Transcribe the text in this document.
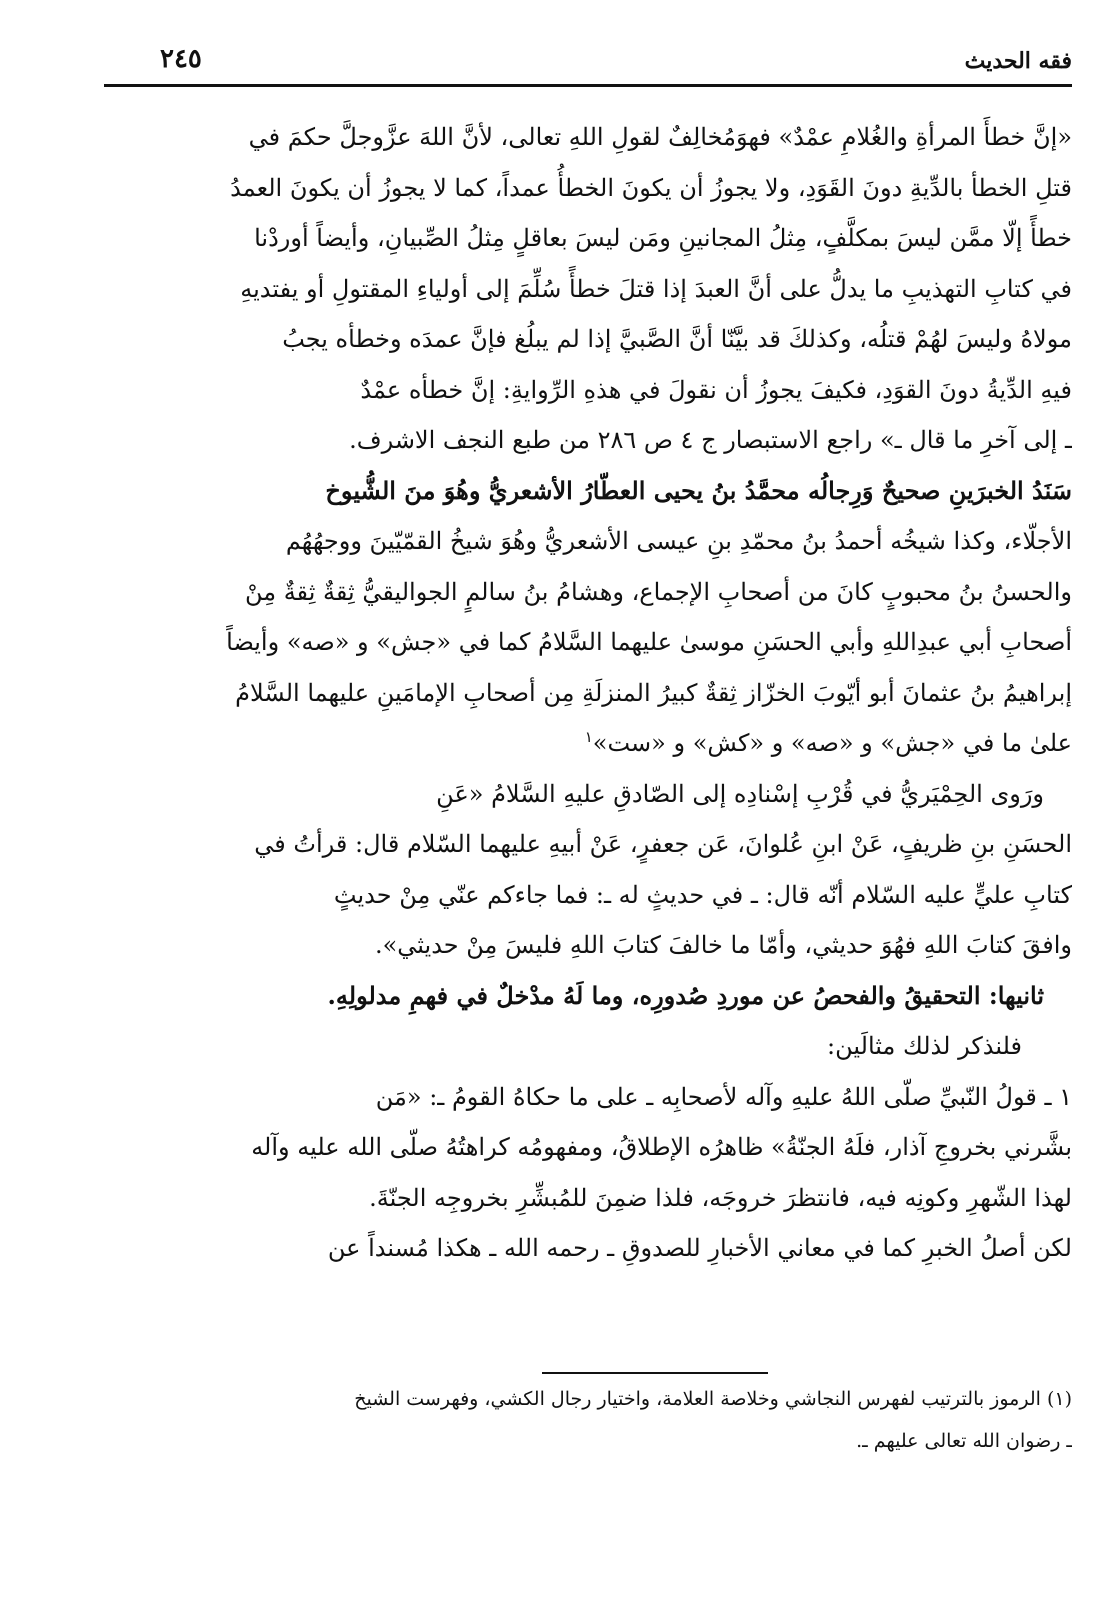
فقه الحديث
٢٤٥
«إنَّ خطأَ المرأةِ والغُلامِ عمْدٌ» فهوَمُخالِفٌ لقولِ اللهِ تعالى، لأنَّ اللهَ عزَّوجلَّ حكمَ في
قتلِ الخطأ بالدِّيةِ دونَ القَوَدِ، ولا يجوزُ أن يكونَ الخطأُ عمداً، كما لا يجوزُ أن يكونَ العمدُ
خطأً إلّا ممَّن ليسَ بمكلَّفٍ، مِثلُ المجانينِ ومَن ليسَ بعاقلٍ مِثلُ الصِّبيانِ، وأيضاً أوردْنا
في كتابِ التهذيبِ ما يدلُّ على أنَّ العبدَ إذا قتلَ خطأً سُلِّمَ إلى أولياءِ المقتولِ أو يفتديهِ
مولاهُ وليسَ لهُمْ قتلُه، وكذلكَ قد بيَّنّا أنَّ الصَّبيَّ إذا لم يبلُغ فإنَّ عمدَه وخطأه يجبُ
فيهِ الدِّيةُ دونَ القوَدِ، فكيفَ يجوزُ أن نقولَ في هذهِ الرِّوايةِ: إنَّ خطأه عمْدٌ
ـ إلى آخرِ ما قال ـ» راجع الاستبصار ج ٤ ص ٢٨٦ من طبع النجف الاشرف.
سَنَدُ الخبرَينِ صحيحٌ وَرِجالُه محمَّدُ بنُ يحيى العطّارُ الأشعريُّ وهُوَ منَ الشُّيوخ
الأجلّاء، وكذا شيخُه أحمدُ بنُ محمّدِ بنِ عيسى الأشعريُّ وهُوَ شيخُ القمّيّينَ ووجهُهُم
والحسنُ بنُ محبوبٍ كانَ من أصحابِ الإجماع، وهشامُ بنُ سالمٍ الجواليقيُّ ثِقةٌ ثِقةٌ مِنْ
أصحابِ أبي عبدِاللهِ وأبي الحسَنِ موسىٰ عليهما السَّلامُ كما في «جش» و «صه» وأيضاً
إبراهيمُ بنُ عثمانَ أبو أيّوبَ الخزّاز ثِقةٌ كبيرُ المنزلَةِ مِن أصحابِ الإمامَينِ عليهما السَّلامُ
علىٰ ما في «جش» و «صه» و «كش» و «ست»$^١$
ورَوى الحِمْيَريُّ في قُرْبِ إسْنادِه إلى الصّادقِ عليهِ السَّلامُ «عَنِ
الحسَنِ بنِ ظريفٍ، عَنْ ابنِ عُلوانَ، عَن جعفرٍ، عَنْ أبيهِ عليهما السّلام قال: قرأتُ في
كتابِ عليٍّ عليه السّلام أنّه قال: ـ في حديثٍ له ـ: فما جاءكم عنّي مِنْ حديثٍ
وافقَ كتابَ اللهِ فهُوَ حديثي، وأمّا ما خالفَ كتابَ اللهِ فليسَ مِنْ حديثي».
ثانيها: التحقيقُ والفحصُ عن موردِ صُدورِه، وما لَهُ مدْخلٌ في فهمِ مدلولِهِ.
فلنذكر لذلك مثالَين:
١ ـ قولُ النّبيِّ صلّى اللهُ عليهِ وآله لأصحابِه ـ على ما حكاهُ القومُ ـ: «مَن
بشَّرني بخروجِ آذار، فلَهُ الجنّةُ» ظاهرُه الإطلاقُ، ومفهومُه كراهتُهُ صلّى الله عليه وآله
لهذا الشّهرِ وكونِه فيه، فانتظرَ خروجَه، فلذا ضمِنَ للمُبشِّرِ بخروجِه الجنّةَ.
لكن أصلُ الخبرِ كما في معاني الأخبارِ للصدوقِ ـ رحمه الله ـ هكذا مُسنداً عن
(١) الرموز بالترتيب لفهرس النجاشي وخلاصة العلامة، واختيار رجال الكشي، وفهرست الشيخ
ـ رضوان الله تعالى عليهم ـ.
